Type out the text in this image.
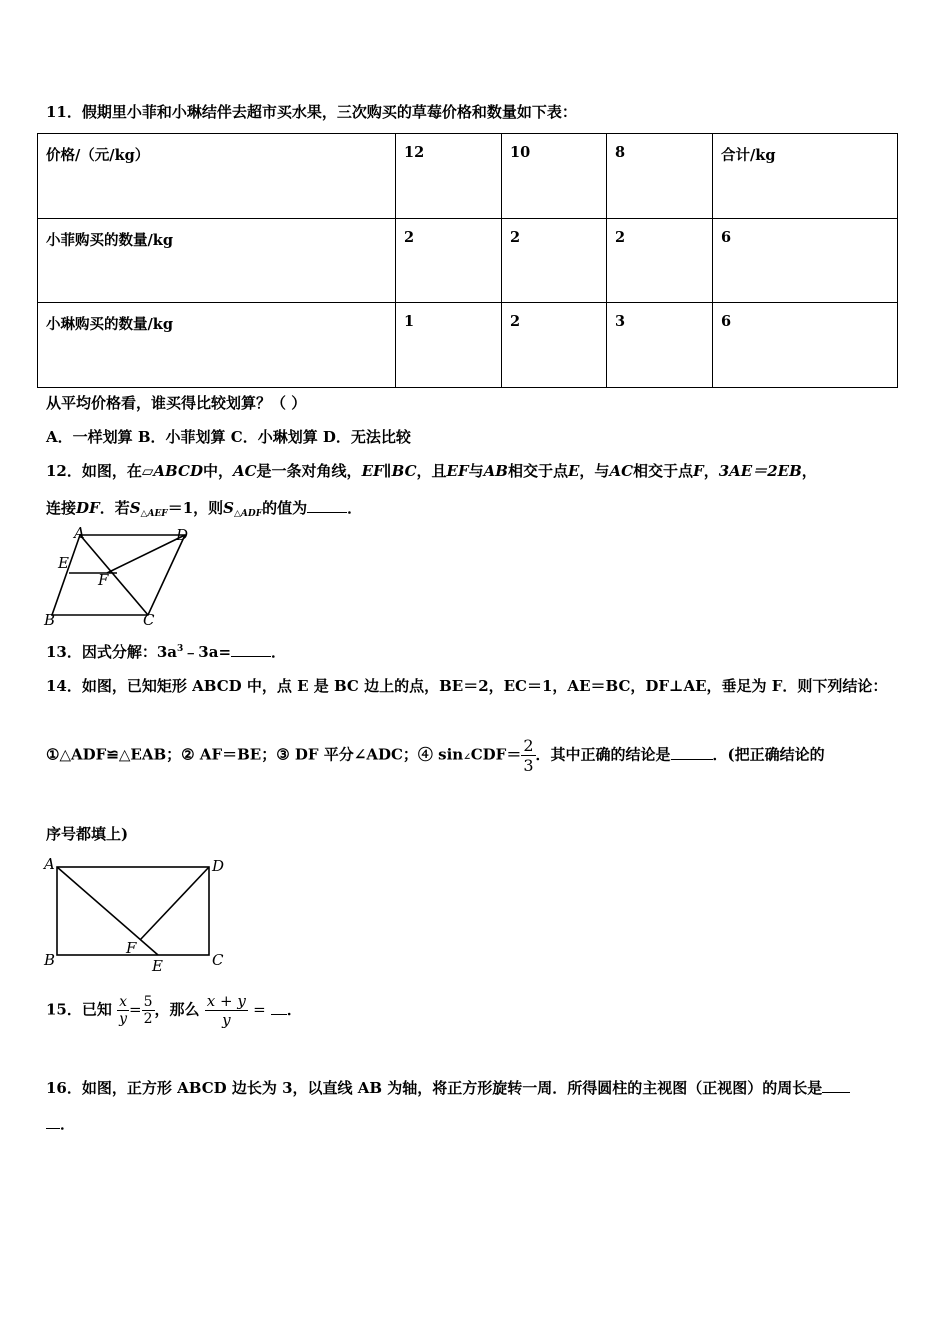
11．假期里小菲和小琳结伴去超市买水果，三次购买的草莓价格和数量如下表：
价格/（元/kg）	12	10	8	合计/kg
小菲购买的数量/kg	2	2	2	6
小琳购买的数量/kg	1	2	3	6
从平均价格看，谁买得比较划算？（ ）
A．一样划算 B．小菲划算 C．小琳划算 D．无法比较
12．如图，在▱ABCD中，AC是一条对角线，EF∥BC，且EF与AB相交于点E，与AC相交于点F，3AE＝2EB，
连接DF．若$S_{\triangle AEF}=1$，则$S_{\triangle ADF}$的值为	．
A	D
E
F
B	C
13．因式分解：$3a^3﹣3a=$	．
14．如图，已知矩形 ABCD 中，点 E 是 BC 边上的点，BE＝2，EC＝1，AE＝BC，DF⊥AE，垂足为 F．则下列结论：
①△ADF≌△EAB；② AF＝BE；③ DF 平分∠ADC；④ sin∠CDF＝ $\frac{2}{3}$ ．其中正确的结论是	．(把正确结论的
序号都填上)
A	D
F
B	E	C
15．已知 $\frac{x}{y} = \frac{5}{2}$ ，那么 $\frac{x + y}{y}$ = ．
16．如图，正方形 ABCD 边长为 3，以直线 AB 为轴，将正方形旋转一周．所得圆柱的主视图（正视图）的周长是
．
